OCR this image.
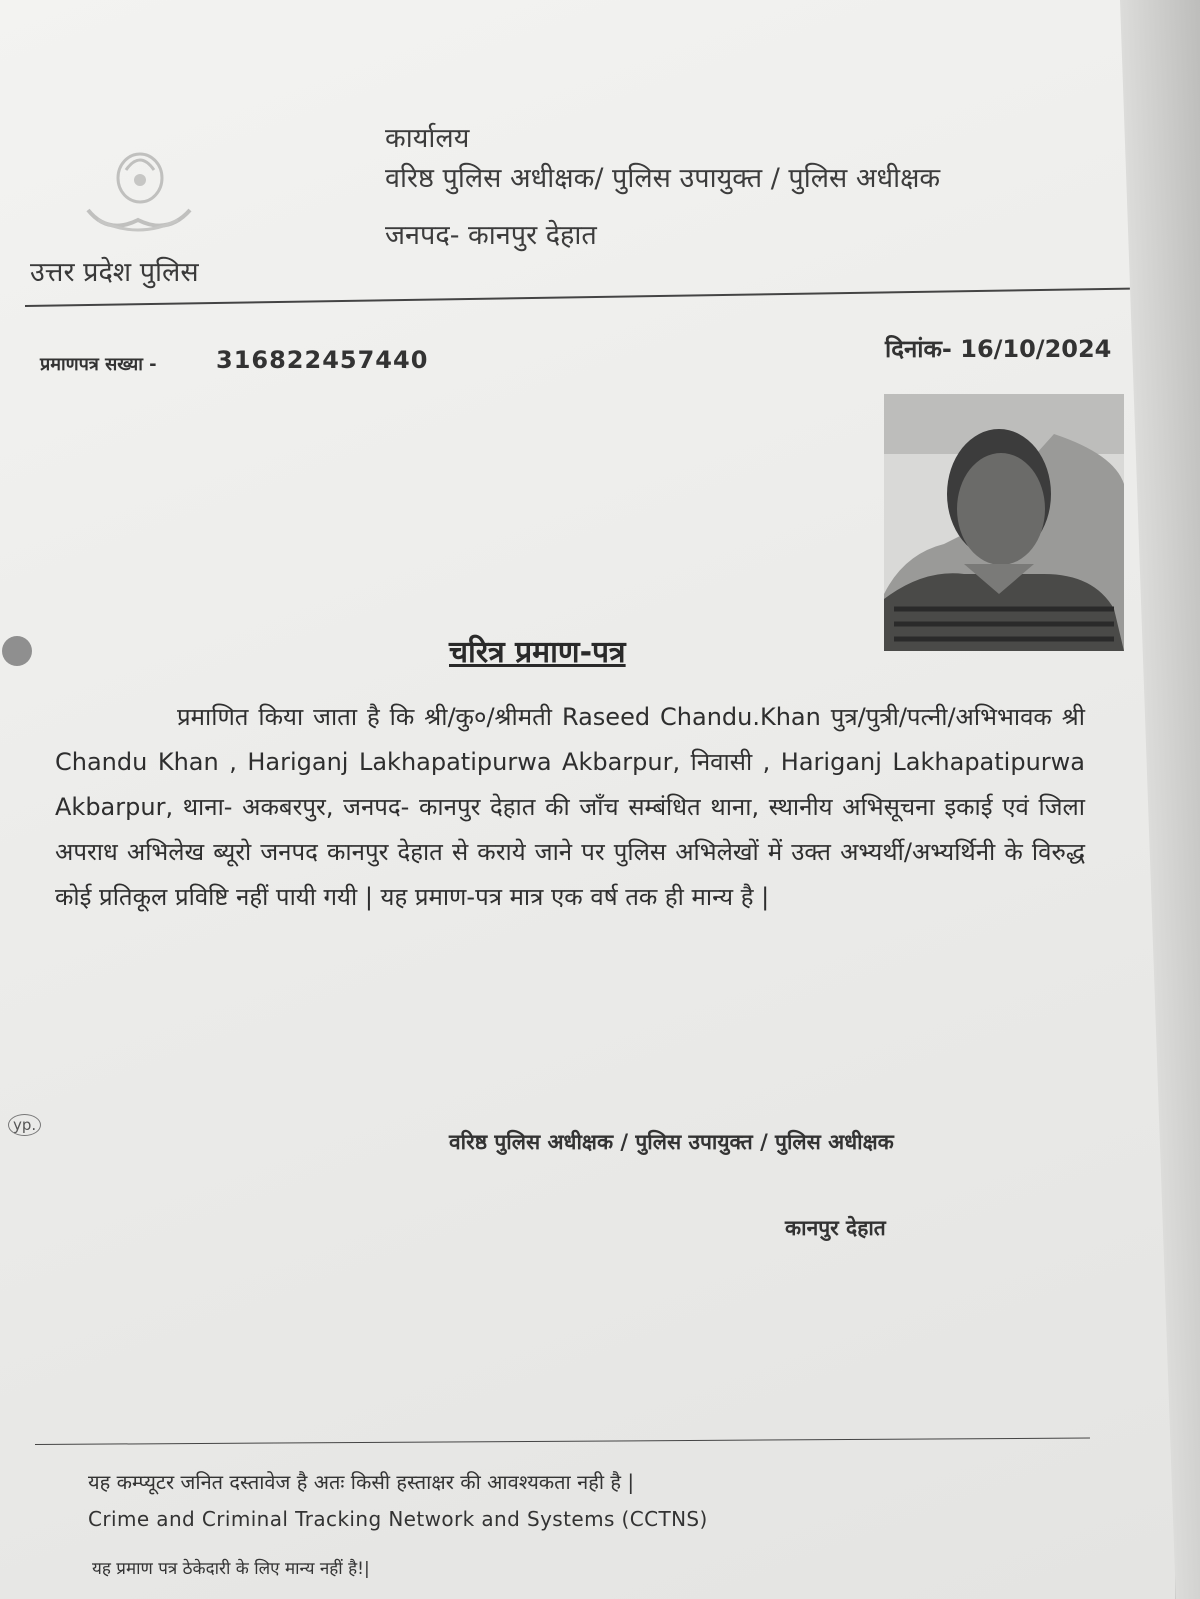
उत्तर प्रदेश पुलिस
कार्यालय
वरिष्ठ पुलिस अधीक्षक/ पुलिस उपायुक्त / पुलिस अधीक्षक
जनपद- कानपुर देहात
प्रमाणपत्र सख्या - 316822457440	दिनांक- 16/10/2024
चरित्र प्रमाण-पत्र
प्रमाणित किया जाता है कि श्री/कु०/श्रीमती Raseed Chandu.Khan पुत्र/पुत्री/पत्नी/अभिभावक श्री Chandu Khan , Hariganj Lakhapatipurwa Akbarpur, निवासी , Hariganj Lakhapatipurwa Akbarpur, थाना- अकबरपुर, जनपद- कानपुर देहात की जाँच सम्बंधित थाना, स्थानीय अभिसूचना इकाई एवं जिला अपराध अभिलेख ब्यूरो जनपद कानपुर देहात से कराये जाने पर पुलिस अभिलेखों में उक्त अभ्यर्थी/अभ्यर्थिनी के विरुद्ध कोई प्रतिकूल प्रविष्टि नहीं पायी गयी | यह प्रमाण-पत्र मात्र एक वर्ष तक ही मान्य है |
yp.
वरिष्ठ पुलिस अधीक्षक / पुलिस उपायुक्त / पुलिस अधीक्षक
कानपुर देहात
यह कम्प्यूटर जनित दस्तावेज है अतः किसी हस्ताक्षर की आवश्यकता नही है |
Crime and Criminal Tracking Network and Systems (CCTNS)
यह प्रमाण पत्र ठेकेदारी के लिए मान्य नहीं है!|
